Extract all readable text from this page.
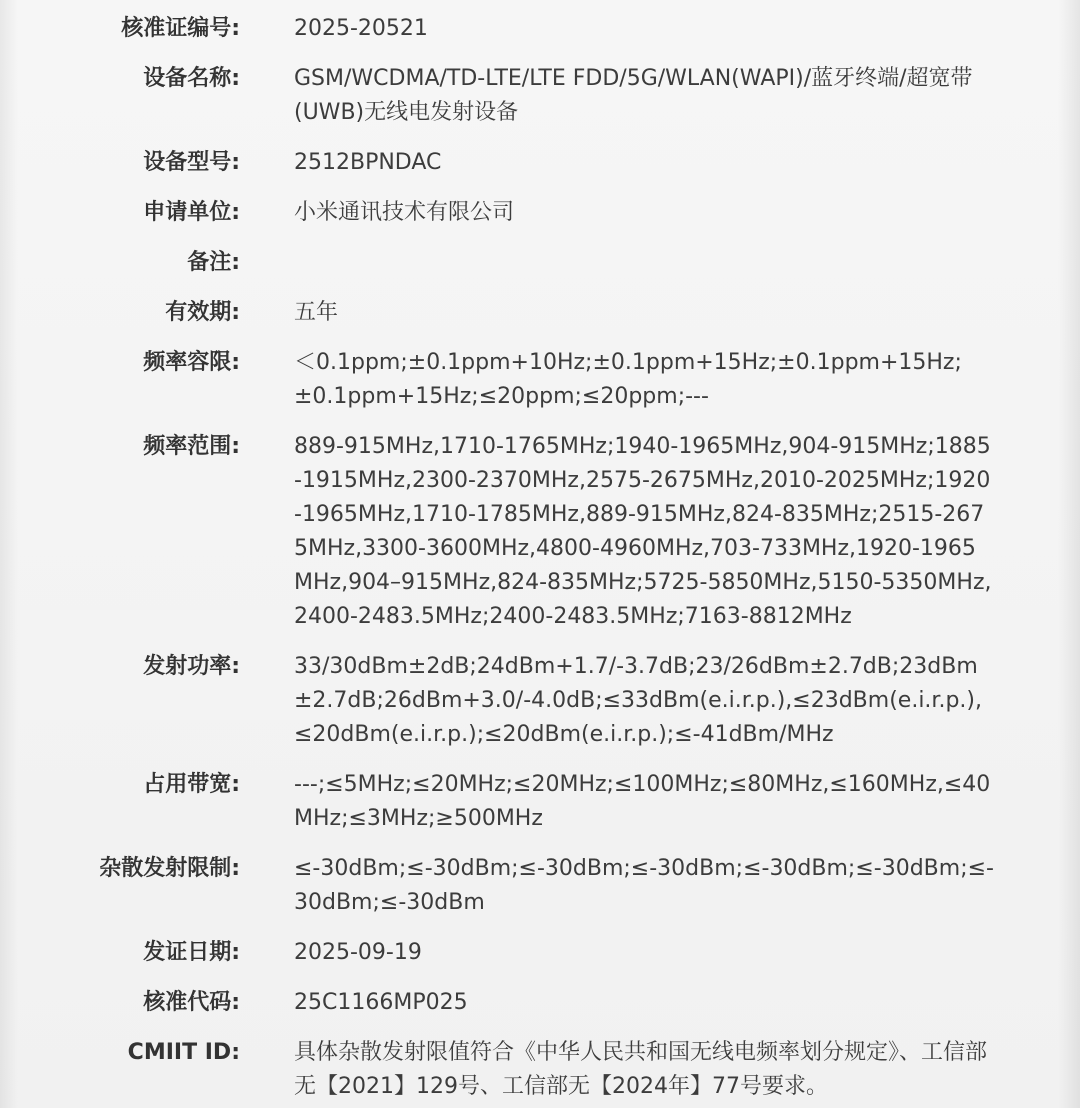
核准证编号: 2025-20521
设备名称: GSM/WCDMA/TD-LTE/LTE FDD/5G/WLAN(WAPI)/蓝牙终端/超宽带(UWB)无线电发射设备
设备型号: 2512BPNDAC
申请单位: 小米通讯技术有限公司
备注:
有效期: 五年
频率容限: ＜0.1ppm;±0.1ppm+10Hz;±0.1ppm+15Hz;±0.1ppm+15Hz;±0.1ppm+15Hz;≤20ppm;≤20ppm;---
频率范围: 889-915MHz,1710-1765MHz;1940-1965MHz,904-915MHz;1885-1915MHz,2300-2370MHz,2575-2675MHz,2010-2025MHz;1920-1965MHz,1710-1785MHz,889-915MHz,824-835MHz;2515-2675MHz,3300-3600MHz,4800-4960MHz,703-733MHz,1920-1965MHz,904–915MHz,824-835MHz;5725-5850MHz,5150-5350MHz,2400-2483.5MHz;2400-2483.5MHz;7163-8812MHz
发射功率: 33/30dBm±2dB;24dBm+1.7/-3.7dB;23/26dBm±2.7dB;23dBm±2.7dB;26dBm+3.0/-4.0dB;≤33dBm(e.i.r.p.),≤23dBm(e.i.r.p.),≤20dBm(e.i.r.p.);≤20dBm(e.i.r.p.);≤-41dBm/MHz
占用带宽: ---;≤5MHz;≤20MHz;≤20MHz;≤100MHz;≤80MHz,≤160MHz,≤40MHz;≤3MHz;≥500MHz
杂散发射限制: ≤-30dBm;≤-30dBm;≤-30dBm;≤-30dBm;≤-30dBm;≤-30dBm;≤-30dBm;≤-30dBm
发证日期: 2025-09-19
核准代码: 25C1166MP025
CMIIT ID: 具体杂散发射限值符合《中华人民共和国无线电频率划分规定》、工信部无【2021】129号、工信部无【2024年】77号要求。
